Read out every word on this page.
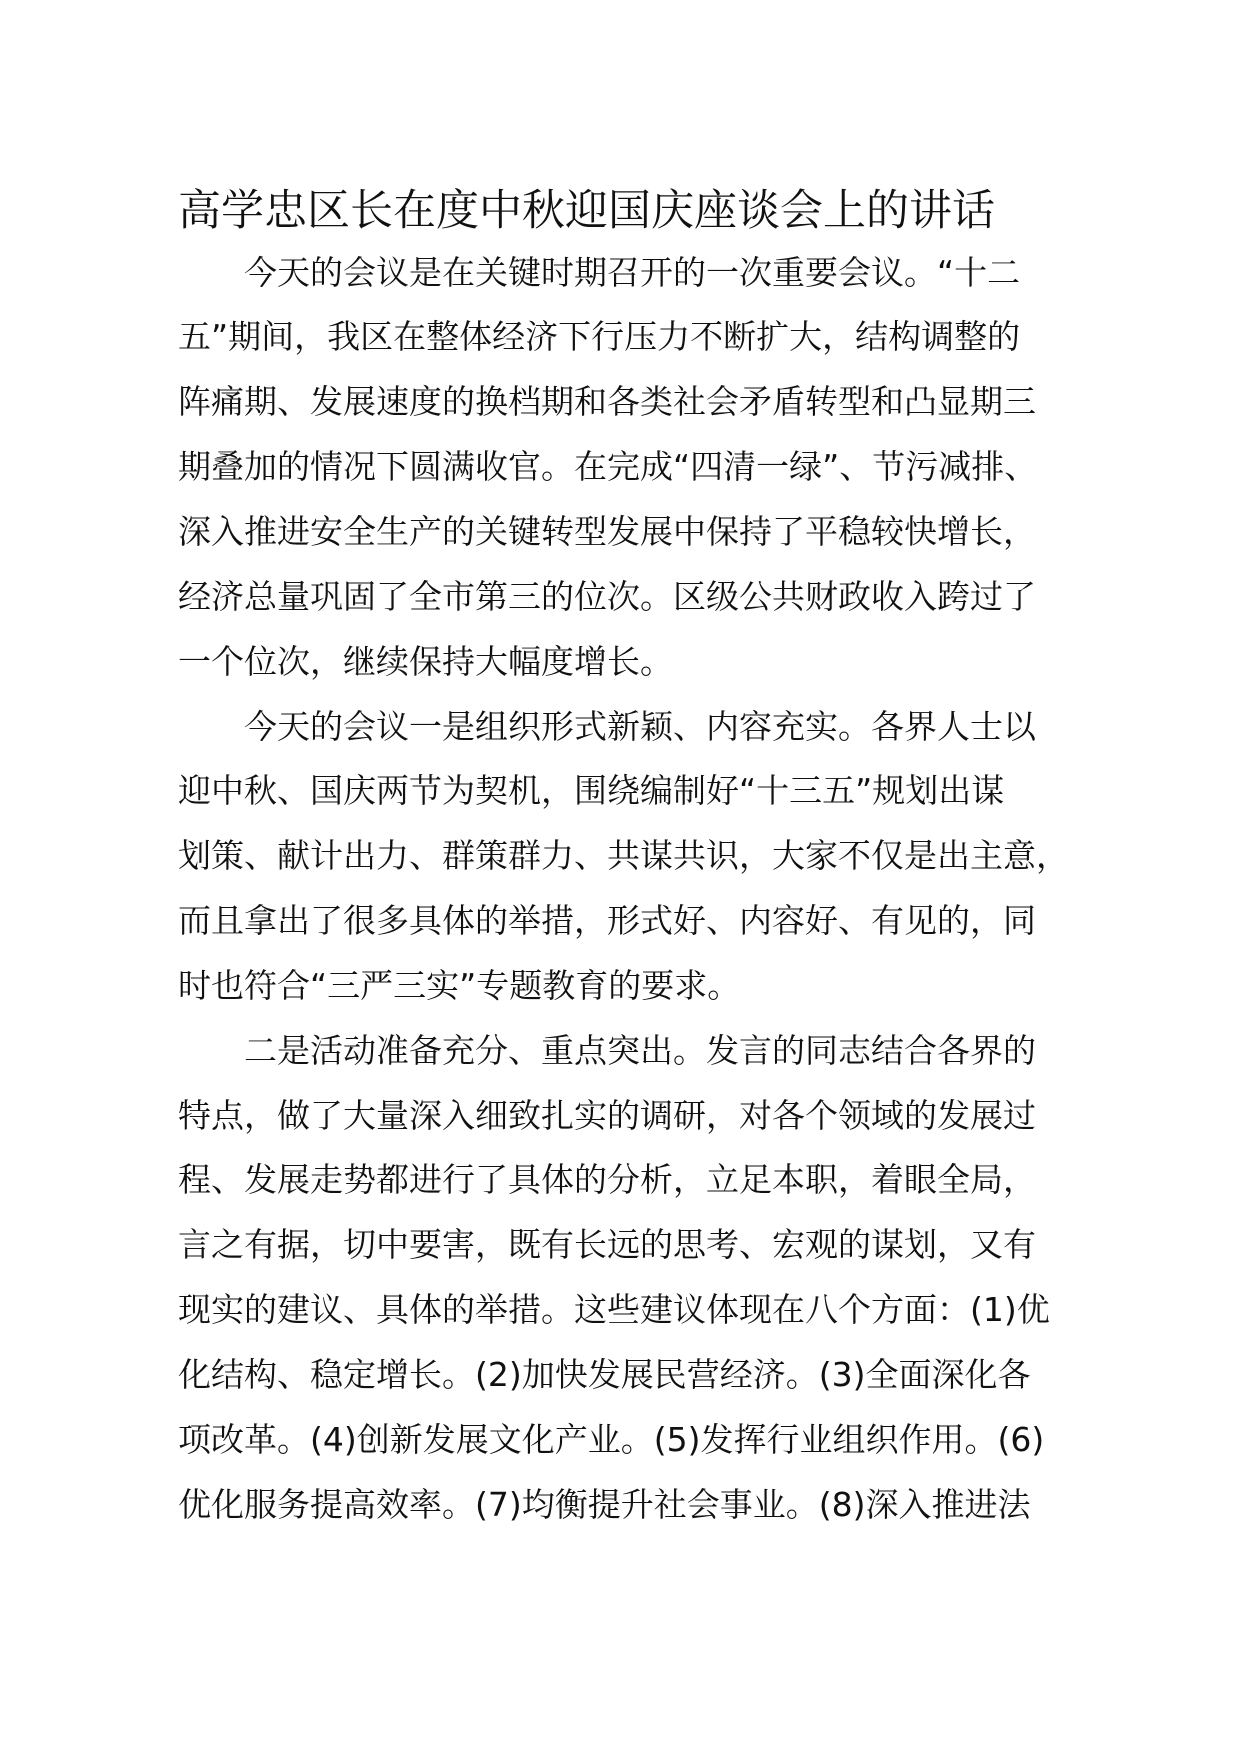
高学忠区长在度中秋迎国庆座谈会上的讲话

　　今天的会议是在关键时期召开的一次重要会议。“十二

五”期间，我区在整体经济下行压力不断扩大，结构调整的

阵痛期、发展速度的换档期和各类社会矛盾转型和凸显期三

期叠加的情况下圆满收官。在完成“四清一绿”、节污减排、

深入推进安全生产的关键转型发展中保持了平稳较快增长，

经济总量巩固了全市第三的位次。区级公共财政收入跨过了

一个位次，继续保持大幅度增长。

　　今天的会议一是组织形式新颖、内容充实。各界人士以

迎中秋、国庆两节为契机，围绕编制好“十三五”规划出谋

划策、献计出力、群策群力、共谋共识，大家不仅是出主意，

而且拿出了很多具体的举措，形式好、内容好、有见的，同

时也符合“三严三实”专题教育的要求。

　　二是活动准备充分、重点突出。发言的同志结合各界的

特点，做了大量深入细致扎实的调研，对各个领域的发展过

程、发展走势都进行了具体的分析，立足本职，着眼全局，

言之有据，切中要害，既有长远的思考、宏观的谋划，又有

现实的建议、具体的举措。这些建议体现在八个方面：(1)优

化结构、稳定增长。(2)加快发展民营经济。(3)全面深化各

项改革。(4)创新发展文化产业。(5)发挥行业组织作用。(6)

优化服务提高效率。(7)均衡提升社会事业。(8)深入推进法
